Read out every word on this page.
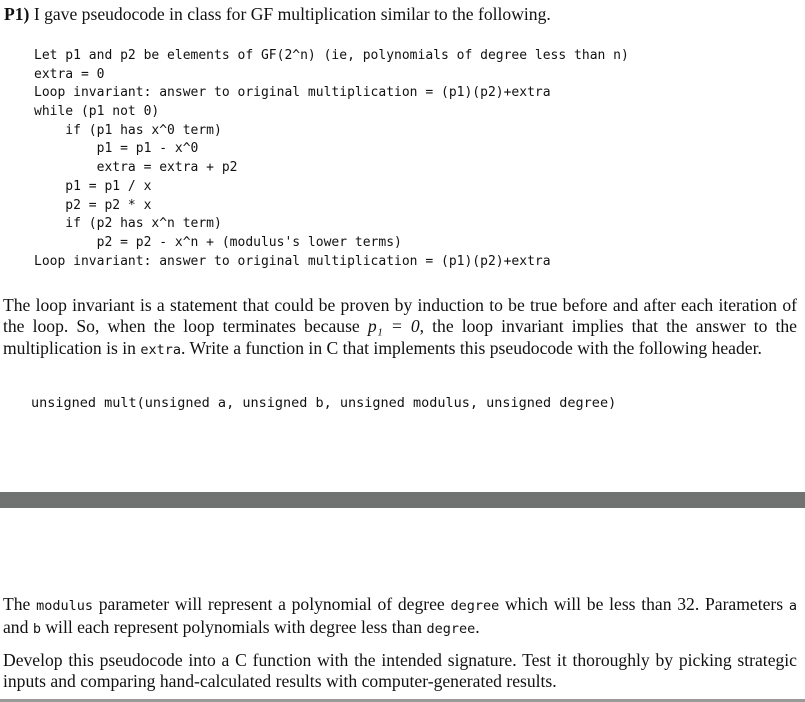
P1) I gave pseudocode in class for GF multiplication similar to the following.
Let p1 and p2 be elements of GF(2^n) (ie, polynomials of degree less than n)
extra = 0
Loop invariant: answer to original multiplication = (p1)(p2)+extra
while (p1 not 0)
if (p1 has x^0 term)
p1 = p1 - x^0
extra = extra + p2
p1 = p1 / x
p2 = p2 * x
if (p2 has x^n term)
p2 = p2 - x^n + (modulus's lower terms)
Loop invariant: answer to original multiplication = (p1)(p2)+extra
The loop invariant is a statement that could be proven by induction to be true before and after each iteration of the loop. So, when the loop terminates because p₁ = 0, the loop invariant implies that the answer to the multiplication is in extra. Write a function in C that implements this pseudocode with the following header.
unsigned mult(unsigned a, unsigned b, unsigned modulus, unsigned degree)
The modulus parameter will represent a polynomial of degree degree which will be less than 32. Parameters a and b will each represent polynomials with degree less than degree.
Develop this pseudocode into a C function with the intended signature. Test it thoroughly by picking strategic inputs and comparing hand-calculated results with computer-generated results.
